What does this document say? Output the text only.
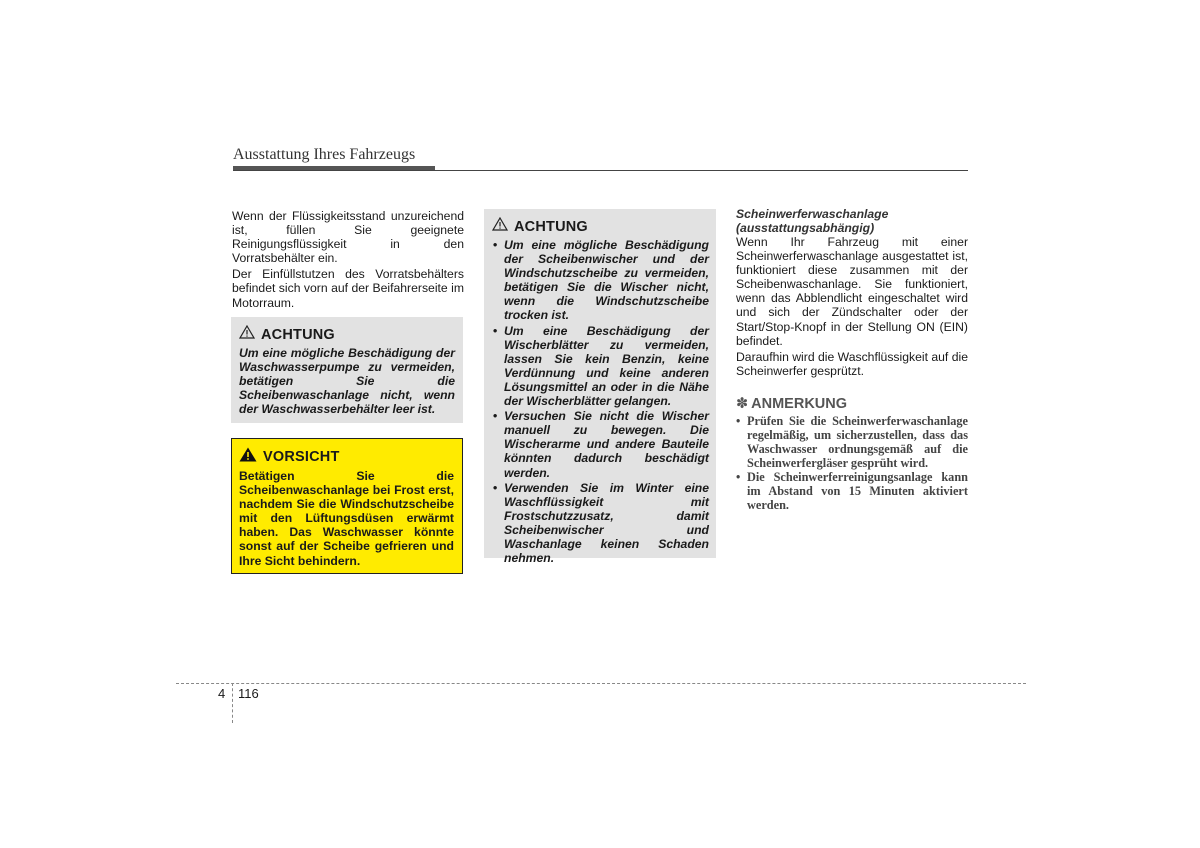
Ausstattung Ihres Fahrzeugs

Wenn der Flüssigkeitsstand unzureichend ist, füllen Sie geeignete Reinigungsflüssigkeit in den Vorratsbehälter ein.

Der Einfüllstutzen des Vorratsbehälters befindet sich vorn auf der Beifahrerseite im Motorraum.

ACHTUNG

Um eine mögliche Beschädigung der Waschwasserpumpe zu vermeiden, betätigen Sie die Scheibenwaschanlage nicht, wenn der Waschwasserbehälter leer ist.

VORSICHT

Betätigen Sie die Scheibenwaschanlage bei Frost erst, nachdem Sie die Windschutzscheibe mit den Lüftungsdüsen erwärmt haben. Das Waschwasser könnte sonst auf der Scheibe gefrieren und Ihre Sicht behindern.

ACHTUNG
• Um eine mögliche Beschädigung der Scheibenwischer und der Windschutzscheibe zu vermeiden, betätigen Sie die Wischer nicht, wenn die Windschutzscheibe trocken ist.
• Um eine Beschädigung der Wischerblätter zu vermeiden, lassen Sie kein Benzin, keine Verdünnung und keine anderen Lösungsmittel an oder in die Nähe der Wischerblätter gelangen.
• Versuchen Sie nicht die Wischer manuell zu bewegen. Die Wischerarme und andere Bauteile könnten dadurch beschädigt werden.
• Verwenden Sie im Winter eine Waschflüssigkeit mit Frostschutzzusatz, damit Scheibenwischer und Waschanlage keinen Schaden nehmen.

Scheinwerferwaschanlage

(ausstattungsabhängig)

Wenn Ihr Fahrzeug mit einer Scheinwerferwaschanlage ausgestattet ist, funktioniert diese zusammen mit der Scheibenwaschanlage. Sie funktioniert, wenn das Abblendlicht eingeschaltet wird und sich der Zündschalter oder der Start/Stop-Knopf in der Stellung ON (EIN) befindet.

Daraufhin wird die Waschflüssigkeit auf die Scheinwerfer gesprützt.

✽ ANMERKUNG
• Prüfen Sie die Scheinwerferwaschanlage regelmäßig, um sicherzustellen, dass das Waschwasser ordnungsgemäß auf die Scheinwerfergläser gesprüht wird.
• Die Scheinwerferreinigungsanlage kann im Abstand von 15 Minuten aktiviert werden.
4 116
